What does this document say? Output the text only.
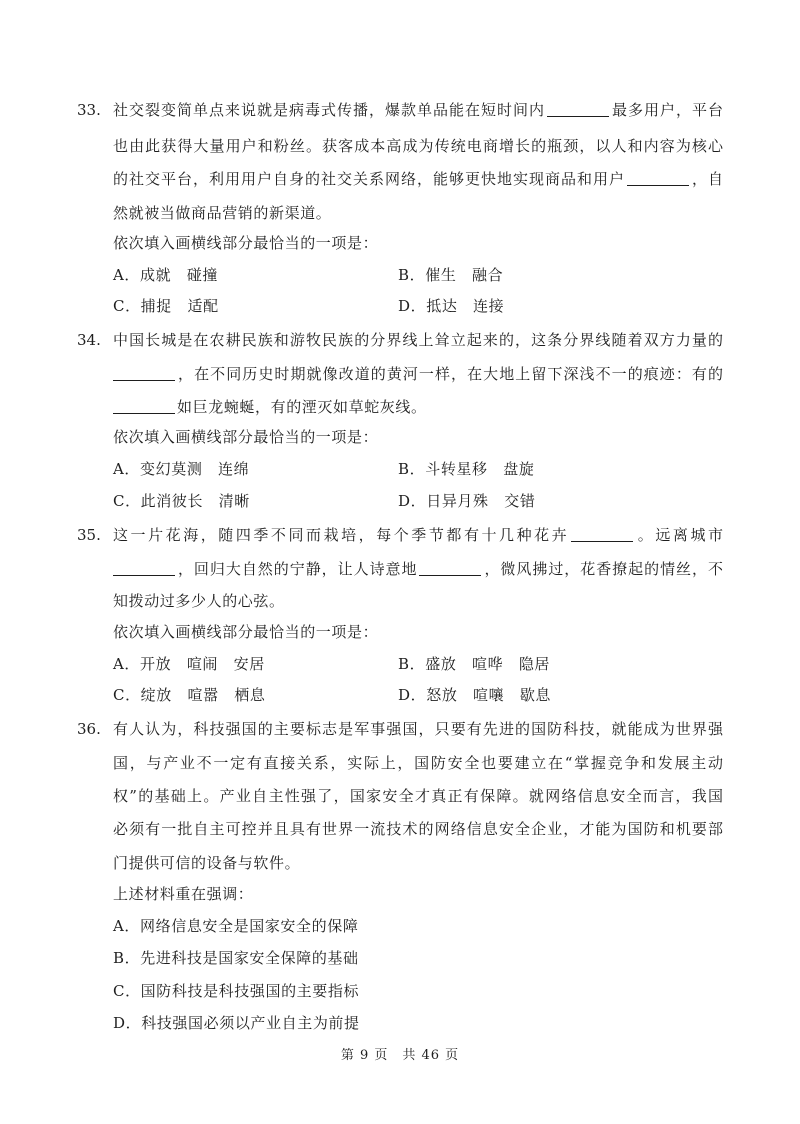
33. 社交裂变简单点来说就是病毒式传播，爆款单品能在短时间内	最多用户，平台
也由此获得大量用户和粉丝。获客成本高成为传统电商增长的瓶颈，以人和内容为核心
的社交平台，利用用户自身的社交关系网络，能够更快地实现商品和用户	，自
然就被当做商品营销的新渠道。
依次填入画横线部分最恰当的一项是：
A．成就　碰撞	B．催生　融合
C．捕捉　适配	D．抵达　连接
34. 中国长城是在农耕民族和游牧民族的分界线上耸立起来的，这条分界线随着双方力量的
，在不同历史时期就像改道的黄河一样，在大地上留下深浅不一的痕迹：有的
如巨龙蜿蜒，有的湮灭如草蛇灰线。
依次填入画横线部分最恰当的一项是：
A．变幻莫测　连绵	B．斗转星移　盘旋
C．此消彼长　清晰	D．日异月殊　交错
35. 这一片花海，随四季不同而栽培，每个季节都有十几种花卉	。远离城市
，回归大自然的宁静，让人诗意地	，微风拂过，花香撩起的情丝，不
知拨动过多少人的心弦。
依次填入画横线部分最恰当的一项是：
A．开放　喧闹　安居	B．盛放　喧哗　隐居
C．绽放　喧嚣　栖息	D．怒放　喧嚷　歇息
36. 有人认为，科技强国的主要标志是军事强国，只要有先进的国防科技，就能成为世界强
国，与产业不一定有直接关系，实际上，国防安全也要建立在“掌握竞争和发展主动
权”的基础上。产业自主性强了，国家安全才真正有保障。就网络信息安全而言，我国
必须有一批自主可控并且具有世界一流技术的网络信息安全企业，才能为国防和机要部
门提供可信的设备与软件。
上述材料重在强调：
A．网络信息安全是国家安全的保障
B．先进科技是国家安全保障的基础
C．国防科技是科技强国的主要指标
D．科技强国必须以产业自主为前提
第 9 页　共 46 页
